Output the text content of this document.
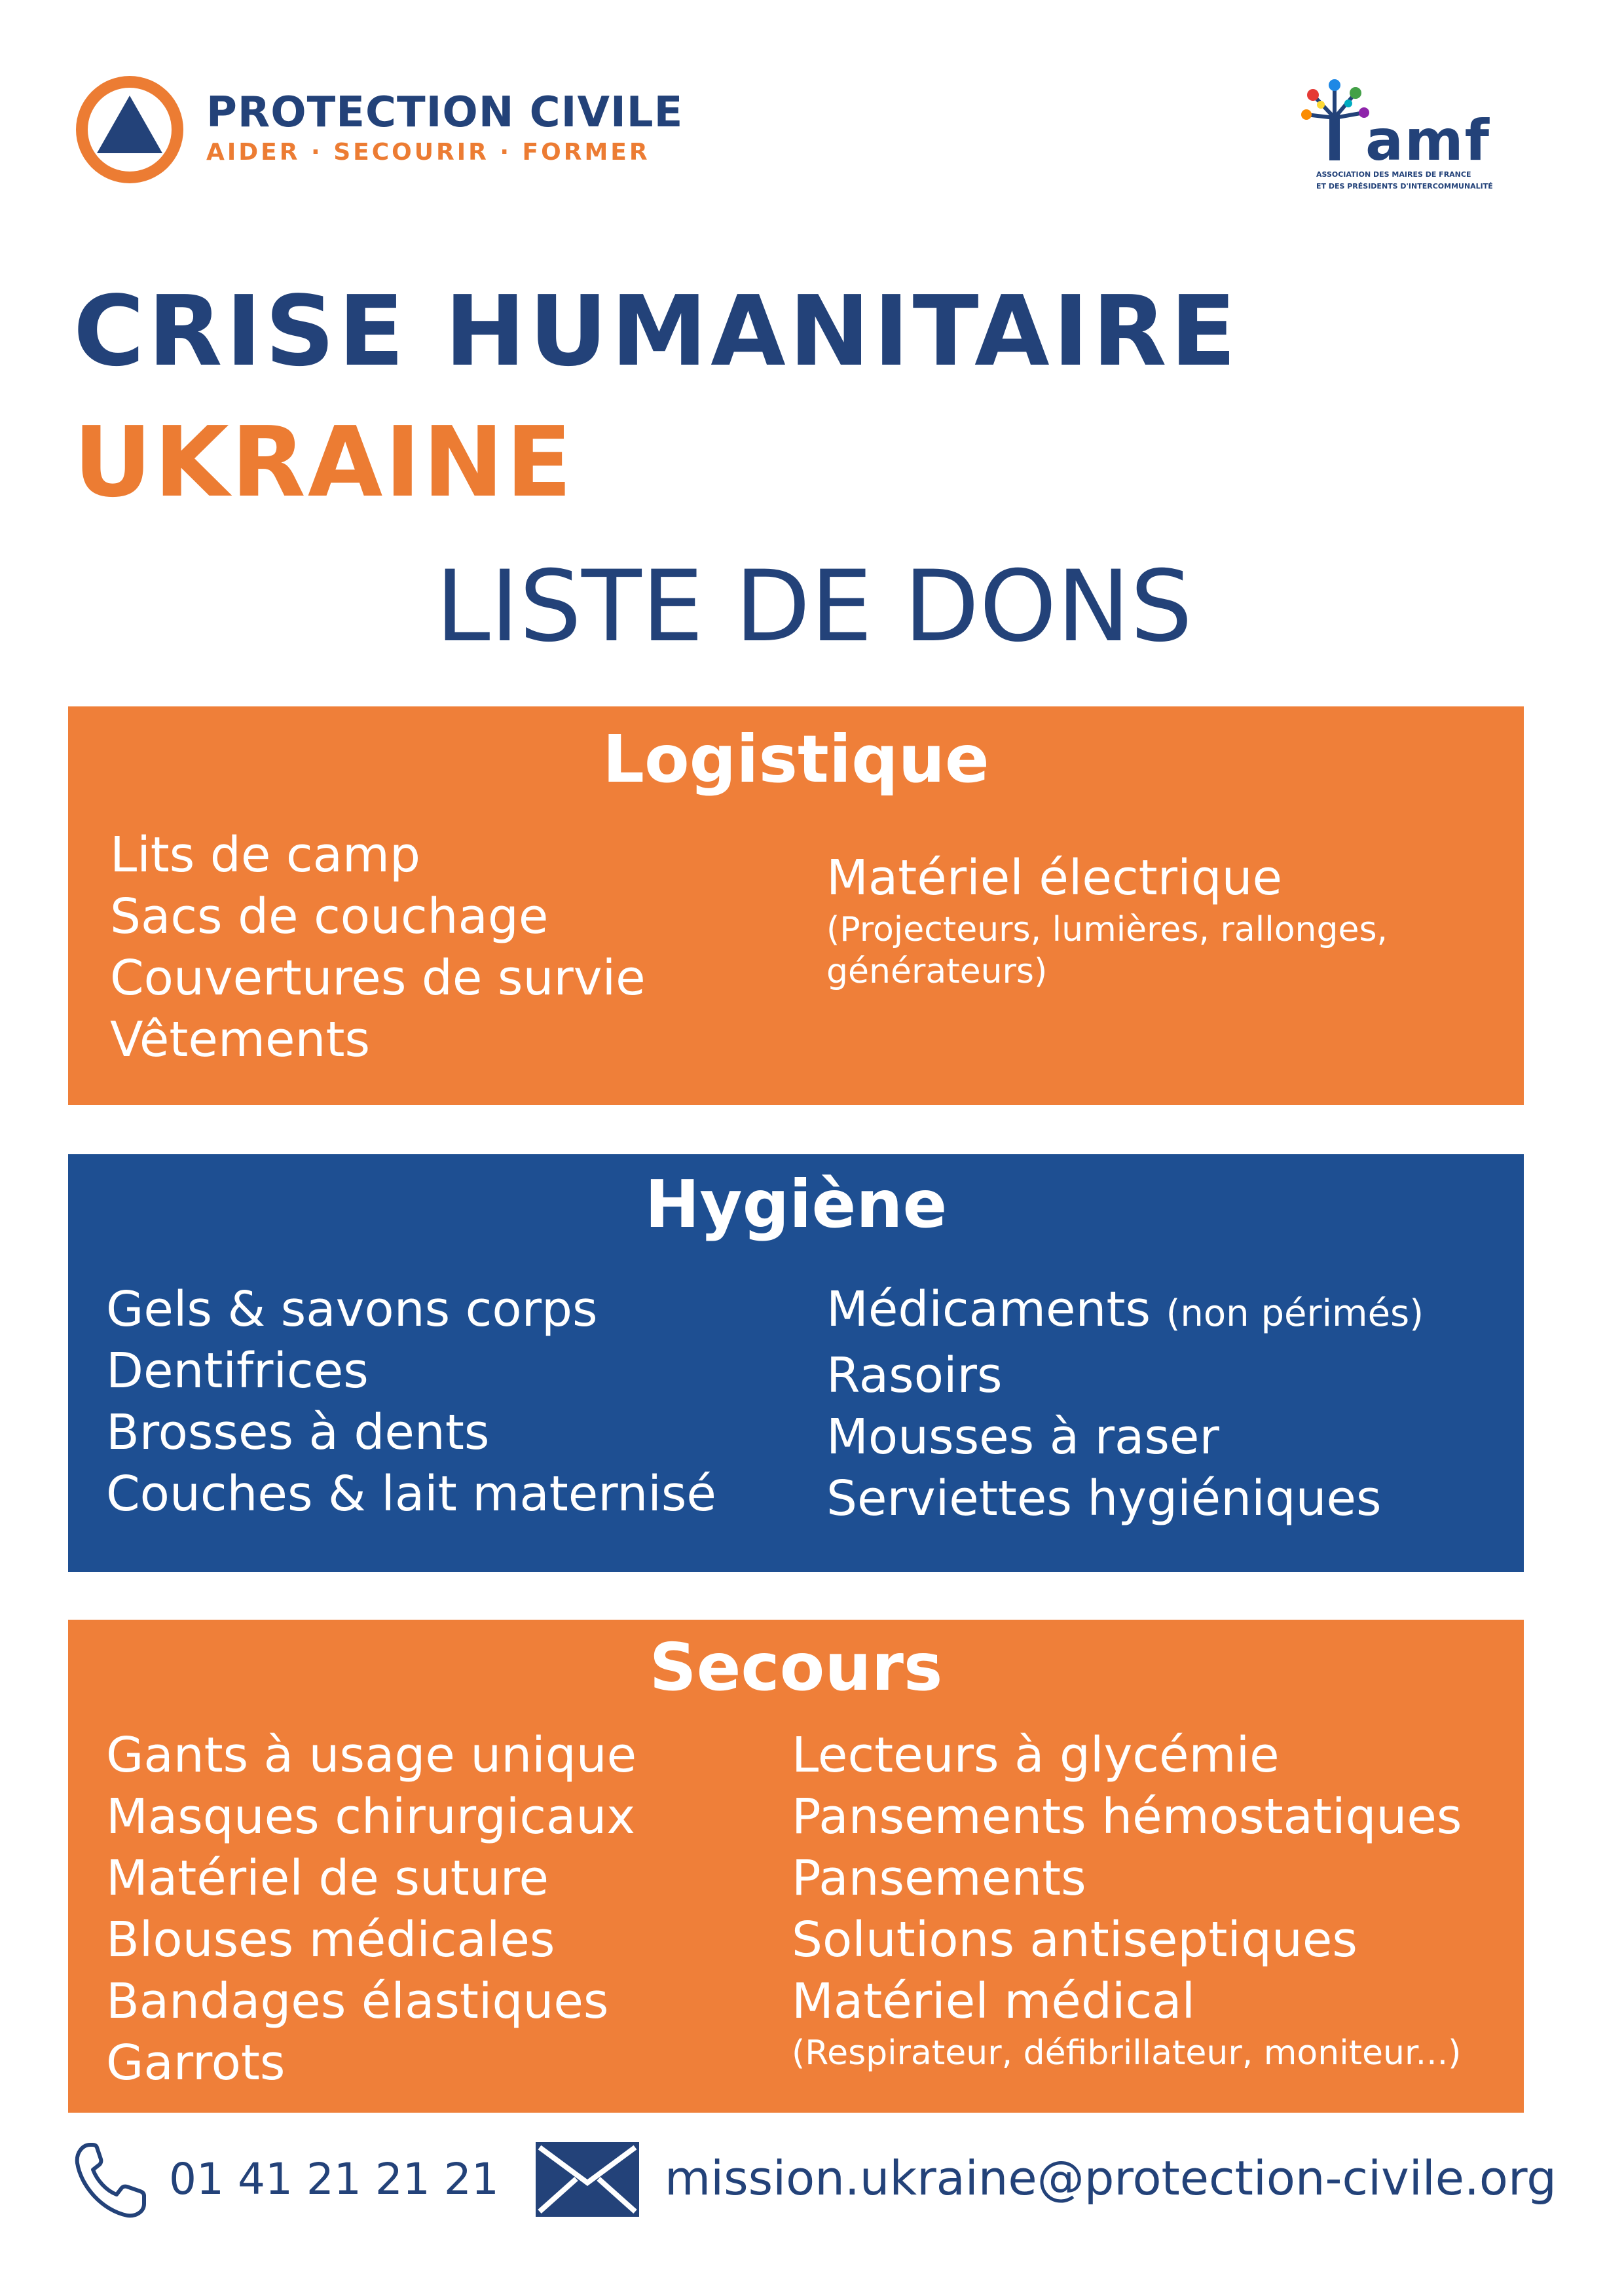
PROTECTION CIVILE
AIDER · SECOURIR · FORMER	amf
ASSOCIATION DES MAIRES DE FRANCE
ET DES PRÉSIDENTS D'INTERCOMMUNALITÉ
CRISE HUMANITAIRE
UKRAINE
LISTE DE DONS
Logistique
Lits de camp
Sacs de couchage
Couvertures de survie
Vêtements
Matériel électrique
(Projecteurs, lumières, rallonges,
générateurs)
Hygiène
Gels & savons corps
Dentifrices
Brosses à dents
Couches & lait maternisé
Médicaments (non périmés)
Rasoirs
Mousses à raser
Serviettes hygiéniques
Secours
Gants à usage unique
Masques chirurgicaux
Matériel de suture
Blouses médicales
Bandages élastiques
Garrots
Lecteurs à glycémie
Pansements hémostatiques
Pansements
Solutions antiseptiques
Matériel médical
(Respirateur, défibrillateur, moniteur...)
01 41 21 21 21	mission.ukraine@protection-civile.org
